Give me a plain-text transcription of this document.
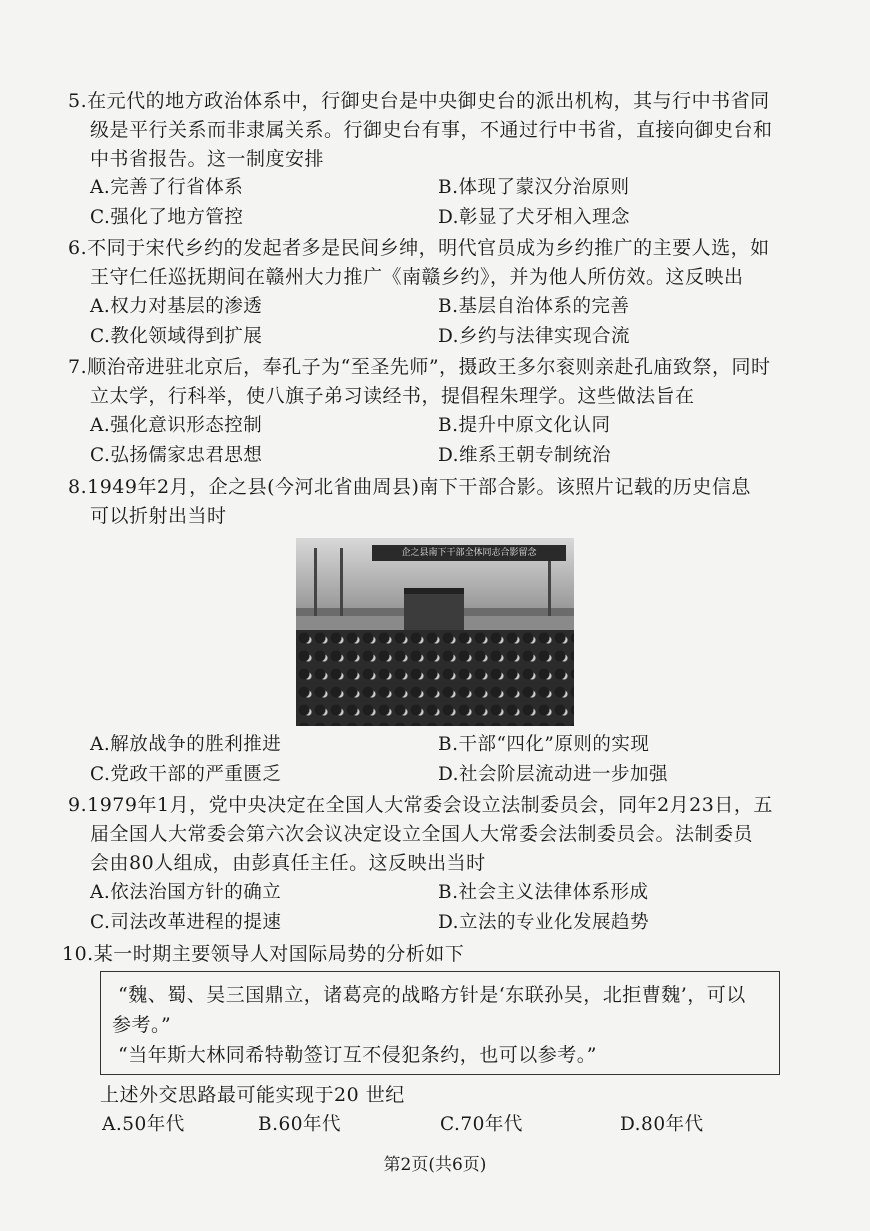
5.在元代的地方政治体系中，行御史台是中央御史台的派出机构，其与行中书省同
级是平行关系而非隶属关系。行御史台有事，不通过行中书省，直接向御史台和
中书省报告。这一制度安排
A.完善了行省体系	B.体现了蒙汉分治原则
C.强化了地方管控	D.彰显了犬牙相入理念
6.不同于宋代乡约的发起者多是民间乡绅，明代官员成为乡约推广的主要人选，如
王守仁任巡抚期间在赣州大力推广《南赣乡约》，并为他人所仿效。这反映出
A.权力对基层的渗透	B.基层自治体系的完善
C.教化领域得到扩展	D.乡约与法律实现合流
7.顺治帝进驻北京后，奉孔子为“至圣先师”，摄政王多尔衮则亲赴孔庙致祭，同时
立太学，行科举，使八旗子弟习读经书，提倡程朱理学。这些做法旨在
A.强化意识形态控制	B.提升中原文化认同
C.弘扬儒家忠君思想	D.维系王朝专制统治
8.1949年2月，企之县(今河北省曲周县)南下干部合影。该照片记载的历史信息
可以折射出当时
企之县南下干部全体同志合影留念
A.解放战争的胜利推进	B.干部“四化”原则的实现
C.党政干部的严重匮乏	D.社会阶层流动进一步加强
9.1979年1月，党中央决定在全国人大常委会设立法制委员会，同年2月23日，五
届全国人大常委会第六次会议决定设立全国人大常委会法制委员会。法制委员
会由80人组成，由彭真任主任。这反映出当时
A.依法治国方针的确立	B.社会主义法律体系形成
C.司法改革进程的提速	D.立法的专业化发展趋势
10.某一时期主要领导人对国际局势的分析如下
“魏、蜀、吴三国鼎立，诸葛亮的战略方针是‘东联孙吴，北拒曹魏’，可以
参考。”
“当年斯大林同希特勒签订互不侵犯条约，也可以参考。”
上述外交思路最可能实现于20 世纪
A.50年代	B.60年代	C.70年代	D.80年代
第2页(共6页)
